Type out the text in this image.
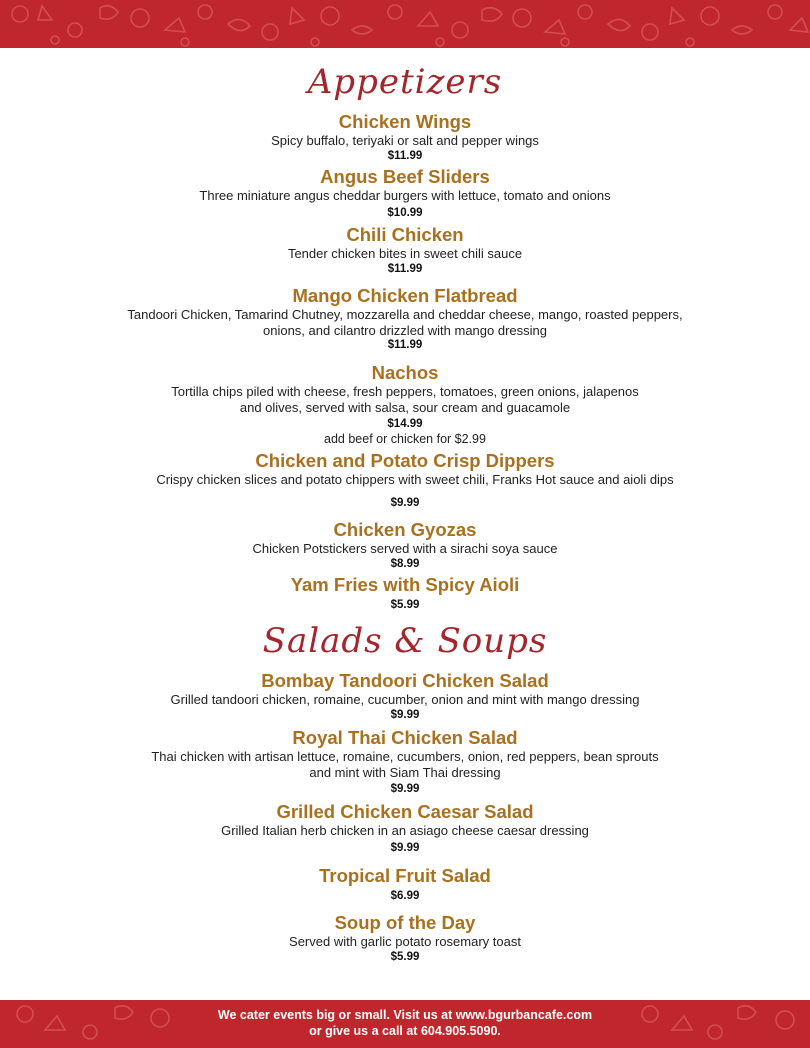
Appetizers
Chicken Wings
Spicy buffalo, teriyaki or salt and pepper wings
$11.99
Angus Beef Sliders
Three miniature angus cheddar burgers with lettuce, tomato and onions
$10.99
Chili Chicken
Tender chicken bites in sweet chili sauce
$11.99
Mango Chicken Flatbread
Tandoori Chicken, Tamarind Chutney, mozzarella and cheddar cheese, mango, roasted peppers,
onions, and cilantro drizzled with mango dressing
$11.99
Nachos
Tortilla chips piled with cheese, fresh peppers, tomatoes, green onions, jalapenos
and olives, served with salsa, sour cream and guacamole
$14.99
add beef or chicken for $2.99
Chicken and Potato Crisp Dippers
Crispy chicken slices and potato chippers with sweet chili, Franks Hot sauce and aioli dips
$9.99
Chicken Gyozas
Chicken Potstickers served with a sirachi soya sauce
$8.99
Yam Fries with Spicy Aioli
$5.99
Salads & Soups
Bombay Tandoori Chicken Salad
Grilled tandoori chicken, romaine, cucumber, onion and mint with mango dressing
$9.99
Royal Thai Chicken Salad
Thai chicken with artisan lettuce, romaine, cucumbers, onion, red peppers, bean sprouts
and mint with Siam Thai dressing
$9.99
Grilled Chicken Caesar Salad
Grilled Italian herb chicken in an asiago cheese caesar dressing
$9.99
Tropical Fruit Salad
$6.99
Soup of the Day
Served with garlic potato rosemary toast
$5.99
We cater events big or small. Visit us at www.bgurbancafe.com
or give us a call at 604.905.5090.
